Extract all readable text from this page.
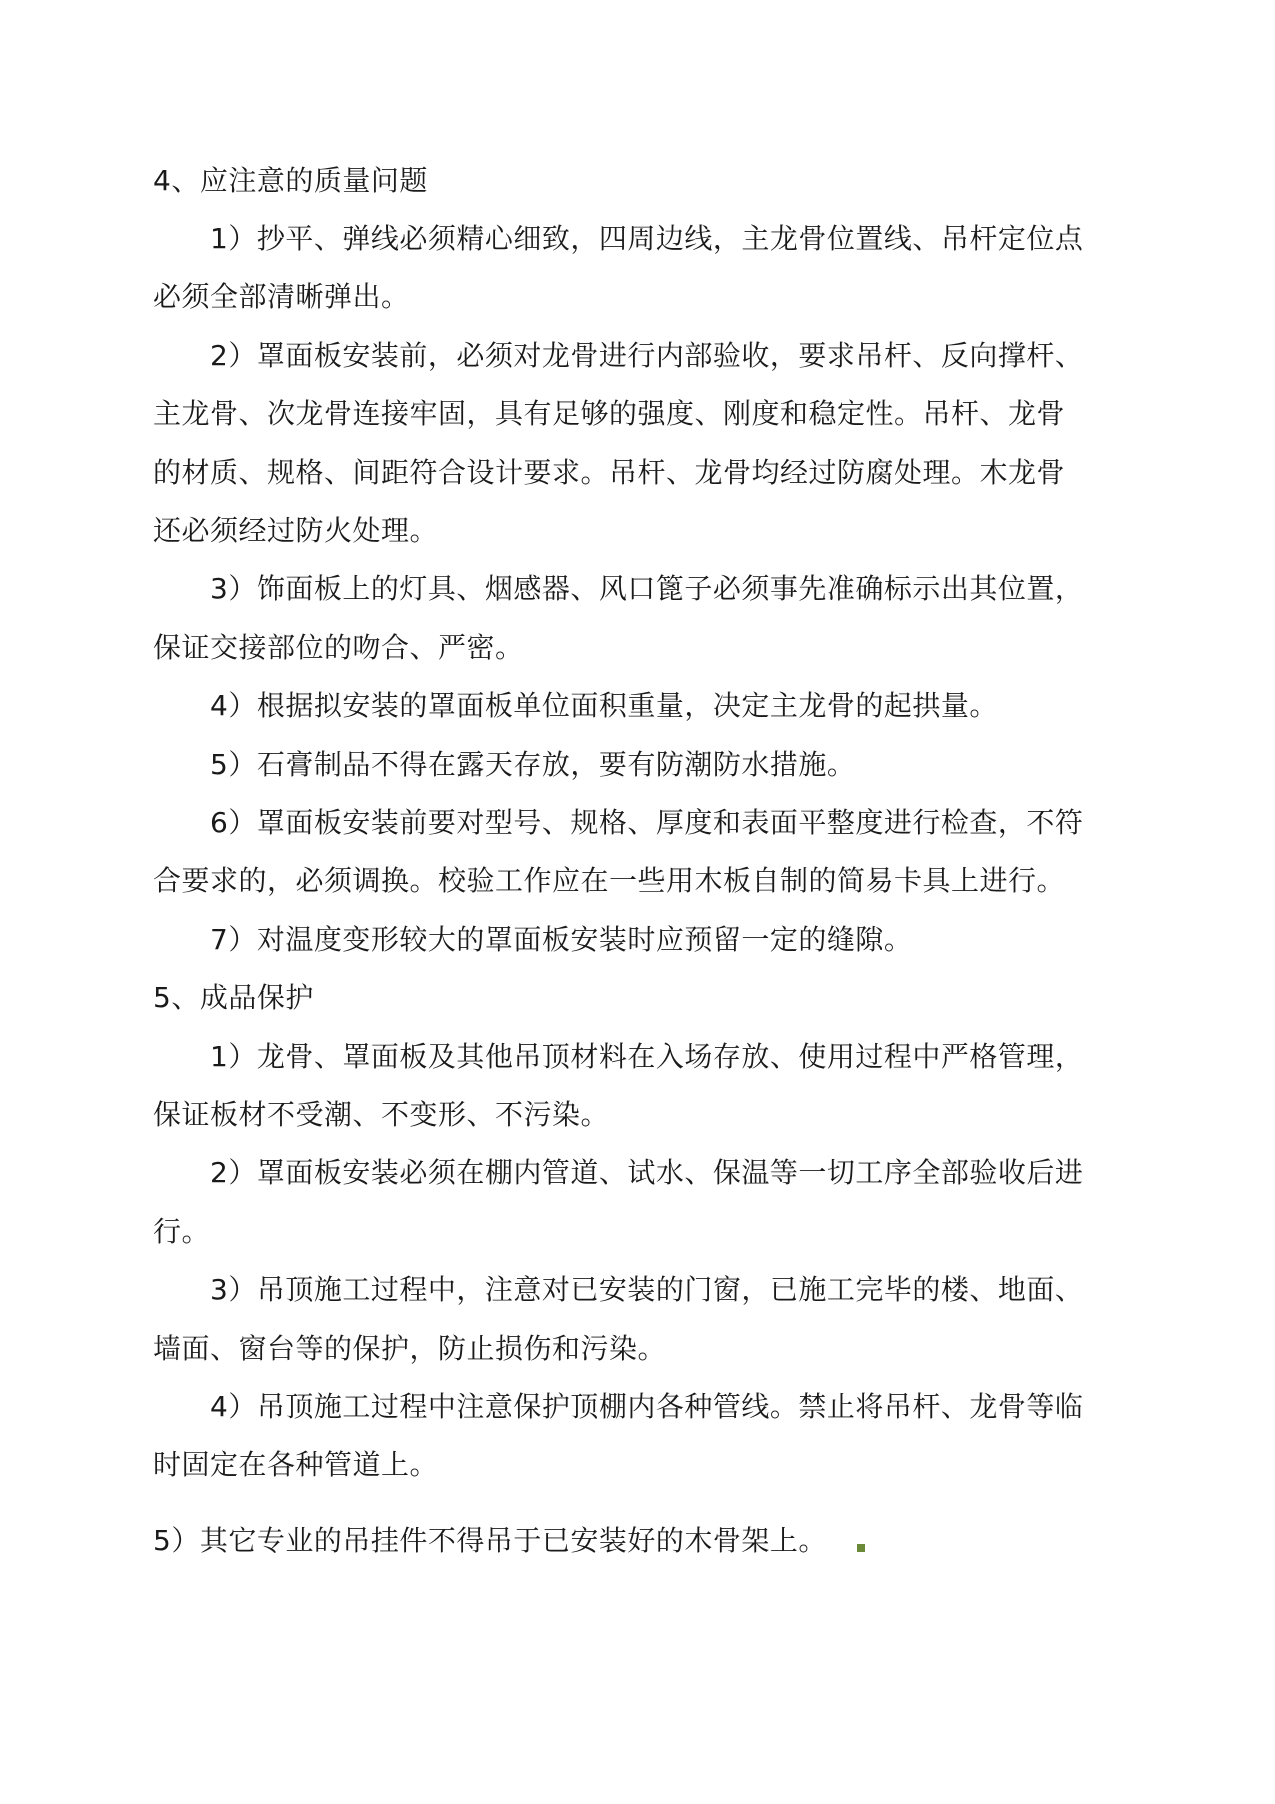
4、应注意的质量问题
1）抄平、弹线必须精心细致，四周边线，主龙骨位置线、吊杆定位点
必须全部清晰弹出。
2）罩面板安装前，必须对龙骨进行内部验收，要求吊杆、反向撑杆、
主龙骨、次龙骨连接牢固，具有足够的强度、刚度和稳定性。吊杆、龙骨
的材质、规格、间距符合设计要求。吊杆、龙骨均经过防腐处理。木龙骨
还必须经过防火处理。
3）饰面板上的灯具、烟感器、风口篦子必须事先准确标示出其位置，
保证交接部位的吻合、严密。
4）根据拟安装的罩面板单位面积重量，决定主龙骨的起拱量。
5）石膏制品不得在露天存放，要有防潮防水措施。
6）罩面板安装前要对型号、规格、厚度和表面平整度进行检查，不符
合要求的，必须调换。校验工作应在一些用木板自制的简易卡具上进行。
7）对温度变形较大的罩面板安装时应预留一定的缝隙。
5、成品保护
1）龙骨、罩面板及其他吊顶材料在入场存放、使用过程中严格管理，
保证板材不受潮、不变形、不污染。
2）罩面板安装必须在棚内管道、试水、保温等一切工序全部验收后进
行。
3）吊顶施工过程中，注意对已安装的门窗，已施工完毕的楼、地面、
墙面、窗台等的保护，防止损伤和污染。
4）吊顶施工过程中注意保护顶棚内各种管线。禁止将吊杆、龙骨等临
时固定在各种管道上。
5）其它专业的吊挂件不得吊于已安装好的木骨架上。
